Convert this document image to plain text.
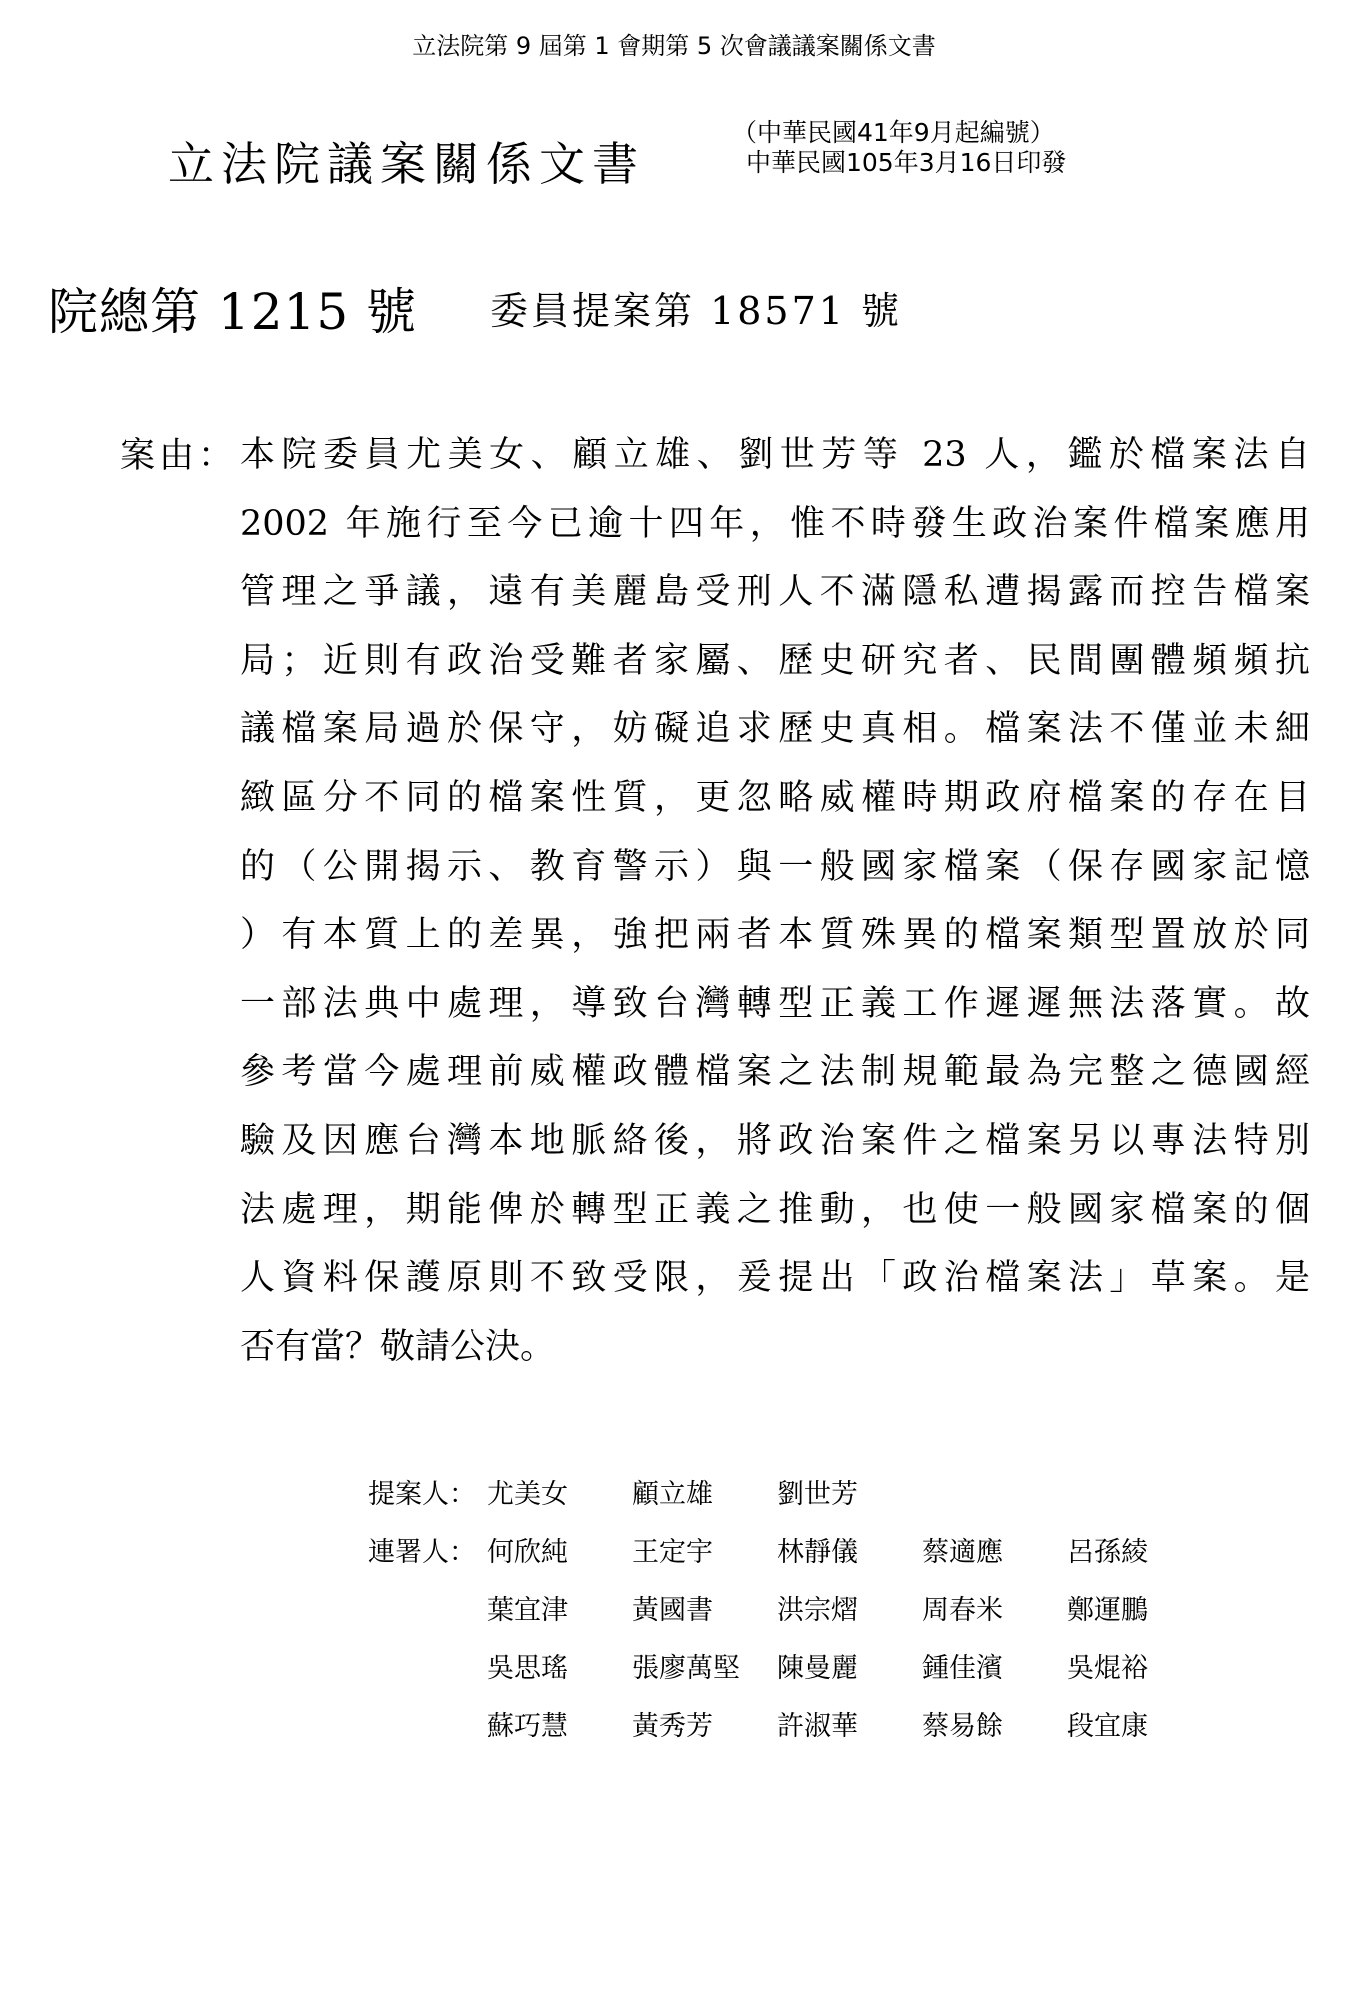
立法院第 9 屆第 1 會期第 5 次會議議案關係文書
立法院議案關係文書
（中華民國41年9月起編號）
中華民國105年3月16日印發
院總第 1215 號 委員提案第 18571 號
案由： 本院委員尤美女、顧立雄、劉世芳等 23 人，鑑於檔案法自
2002 年施行至今已逾十四年，惟不時發生政治案件檔案應用
管理之爭議，遠有美麗島受刑人不滿隱私遭揭露而控告檔案
局；近則有政治受難者家屬、歷史研究者、民間團體頻頻抗
議檔案局過於保守，妨礙追求歷史真相。檔案法不僅並未細
緻區分不同的檔案性質，更忽略威權時期政府檔案的存在目
的（公開揭示、教育警示）與一般國家檔案（保存國家記憶
）有本質上的差異，強把兩者本質殊異的檔案類型置放於同
一部法典中處理，導致台灣轉型正義工作遲遲無法落實。故
參考當今處理前威權政體檔案之法制規範最為完整之德國經
驗及因應台灣本地脈絡後，將政治案件之檔案另以專法特別
法處理，期能俾於轉型正義之推動，也使一般國家檔案的個
人資料保護原則不致受限，爰提出「政治檔案法」草案。是
否有當？敬請公決。
提案人： 尤美女 顧立雄 劉世芳
連署人： 何欣純 王定宇 林靜儀 蔡適應 呂孫綾
葉宜津 黃國書 洪宗熠 周春米 鄭運鵬
吳思瑤 張廖萬堅 陳曼麗 鍾佳濱 吳焜裕
蘇巧慧 黃秀芳 許淑華 蔡易餘 段宜康
